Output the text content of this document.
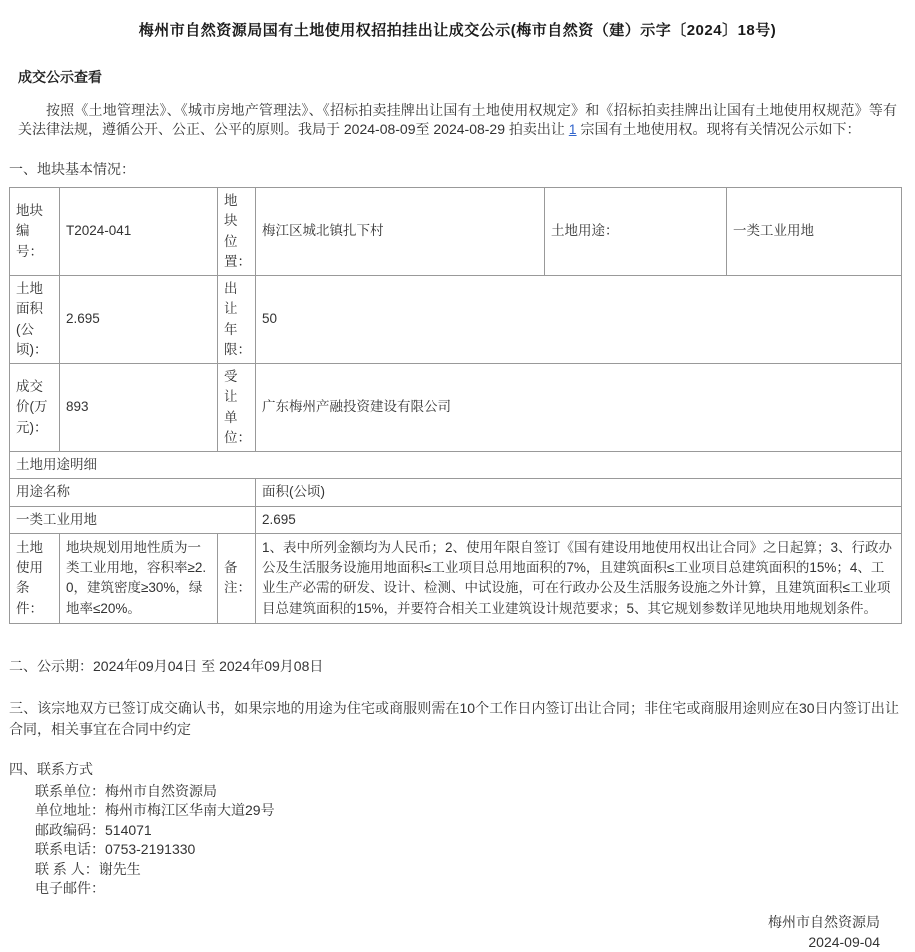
梅州市自然资源局国有土地使用权招拍挂出让成交公示(梅市自然资（建）示字〔2024〕18号)
成交公示查看
按照《土地管理法》、《城市房地产管理法》、《招标拍卖挂牌出让国有土地使用权规定》和《招标拍卖挂牌出让国有土地使用权规范》等有关法律法规，遵循公开、公正、公平的原则。我局于 2024-08-09至 2024-08-29 拍卖出让 1 宗国有土地使用权。现将有关情况公示如下：
一、地块基本情况：
地块编号：	T2024-041	地块位置：	梅江区城北镇扎下村	土地用途：	一类工业用地
土地面积(公顷)：	2.695	出让年限：	50		
成交价(万元)：	893	受让单位：	广东梅州产融投资建设有限公司		
土地用途明细					
用途名称			面积(公顷)		
一类工业用地			2.695		
土地使用条件：	地块规划用地性质为一类工业用地，容积率≥2.0，建筑密度≥30%，绿地率≤20%。	备注：	1、表中所列金额均为人民币；2、使用年限自签订《国有建设用地使用权出让合同》之日起算；3、行政办公及生活服务设施用地面积≤工业项目总用地面积的7%，且建筑面积≤工业项目总建筑面积的15%；4、工业生产必需的研发、设计、检测、中试设施，可在行政办公及生活服务设施之外计算，且建筑面积≤工业项目总建筑面积的15%，并要符合相关工业建筑设计规范要求；5、其它规划参数详见地块用地规划条件。		
二、公示期：2024年09月04日 至 2024年09月08日
三、该宗地双方已签订成交确认书，如果宗地的用途为住宅或商服则需在10个工作日内签订出让合同；非住宅或商服用途则应在30日内签订出让合同，相关事宜在合同中约定
四、联系方式
联系单位：梅州市自然资源局
单位地址：梅州市梅江区华南大道29号
邮政编码：514071
联系电话：0753-2191330
联 系 人：谢先生
电子邮件：
梅州市自然资源局
2024-09-04
